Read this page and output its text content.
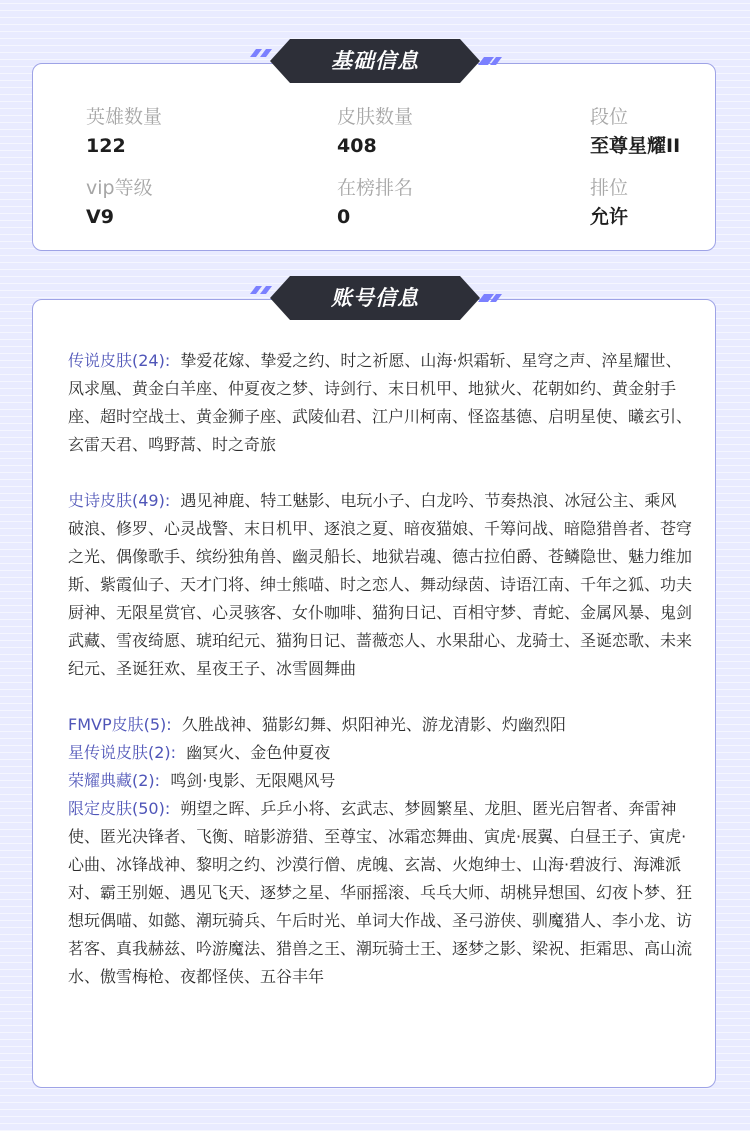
英雄数量
122
皮肤数量
408
段位
至尊星耀II
vip等级
V9
在榜排名
0
排位
允许

传说皮肤(24): 挚爱花嫁、挚爱之约、时之祈愿、山海·炽霜斩、星穹之声、淬星耀世、凤求凰、黄金白羊座、仲夏夜之梦、诗剑行、末日机甲、地狱火、花朝如约、黄金射手座、超时空战士、黄金狮子座、武陵仙君、江户川柯南、怪盗基德、启明星使、曦玄引、玄雷天君、鸣野蒿、时之奇旅

史诗皮肤(49): 遇见神鹿、特工魅影、电玩小子、白龙吟、节奏热浪、冰冠公主、乘风破浪、修罗、心灵战警、末日机甲、逐浪之夏、暗夜猫娘、千筹问战、暗隐猎兽者、苍穹之光、偶像歌手、缤纷独角兽、幽灵船长、地狱岩魂、德古拉伯爵、苍鳞隐世、魅力维加斯、紫霞仙子、天才门将、绅士熊喵、时之恋人、舞动绿茵、诗语江南、千年之狐、功夫厨神、无限星赏官、心灵骇客、女仆咖啡、猫狗日记、百相守梦、青蛇、金属风暴、鬼剑武藏、雪夜绮愿、琥珀纪元、猫狗日记、蔷薇恋人、水果甜心、龙骑士、圣诞恋歌、未来纪元、圣诞狂欢、星夜王子、冰雪圆舞曲

FMVP皮肤(5): 久胜战神、猫影幻舞、炽阳神光、游龙清影、灼幽烈阳

星传说皮肤(2): 幽冥火、金色仲夏夜

荣耀典藏(2): 鸣剑·曳影、无限飓风号

限定皮肤(50): 朔望之晖、乒乒小将、玄武志、梦圆繁星、龙胆、匿光启智者、奔雷神使、匿光决锋者、飞衡、暗影游猎、至尊宝、冰霜恋舞曲、寅虎·展翼、白昼王子、寅虎·心曲、冰锋战神、黎明之约、沙漠行僧、虎魄、玄嵩、火炮绅士、山海·碧波行、海滩派对、霸王别姬、遇见飞天、逐梦之星、华丽摇滚、乓乓大师、胡桃异想国、幻夜卜梦、狂想玩偶喵、如懿、潮玩骑兵、午后时光、单词大作战、圣弓游侠、驯魔猎人、李小龙、访茗客、真我赫兹、吟游魔法、猎兽之王、潮玩骑士王、逐梦之影、梁祝、拒霜思、高山流水、傲雪梅枪、夜都怪侠、五谷丰年

基础信息
账号信息
